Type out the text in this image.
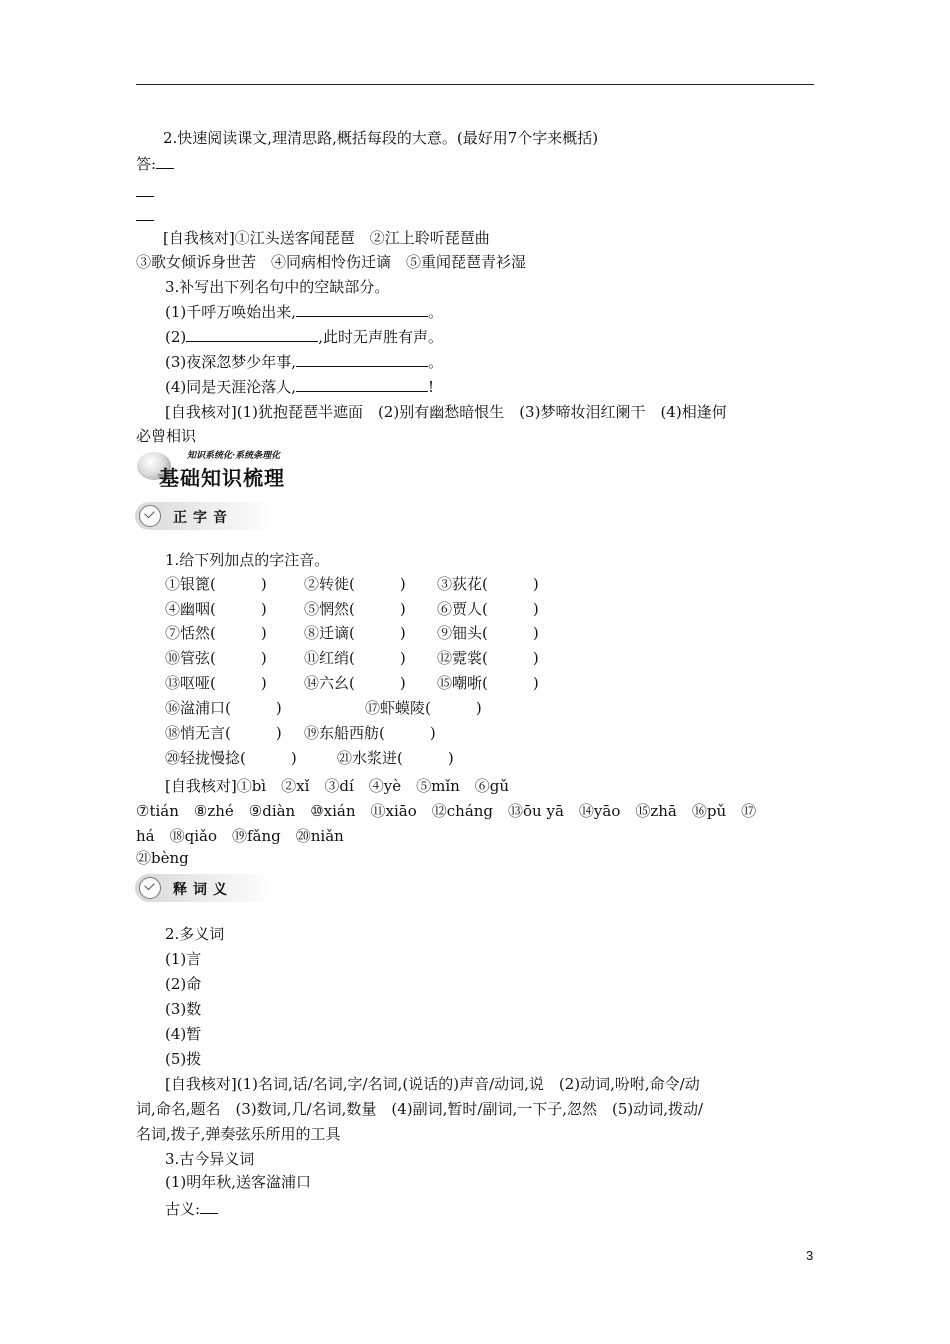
2.快速阅读课文,理清思路,概括每段的大意。(最好用7个字来概括)
答:
[自我核对]①江头送客闻琵琶　②江上聆听琵琶曲
③歌女倾诉身世苦　④同病相怜伤迁谪　⑤重闻琵琶青衫湿
3.补写出下列名句中的空缺部分。
(1)千呼万唤始出来,	。
(2)	,此时无声胜有声。
(3)夜深忽梦少年事,	。
(4)同是天涯沦落人,	!
[自我核对](1)犹抱琵琶半遮面　(2)别有幽愁暗恨生　(3)梦啼妆泪红阑干　(4)相逢何
必曾相识
知识系统化·系统条理化
基础知识梳理
正字音
1.给下列加点的字注音。
①银篦(　　　) ②转徙(　　　) ③荻花(　　　)
④幽咽(　　　) ⑤惘然(　　　) ⑥贾人(　　　)
⑦恬然(　　　) ⑧迁谪(　　　) ⑨钿头(　　　)
⑩管弦(　　　) ⑪红绡(　　　) ⑫霓裳(　　　)
⑬呕哑(　　　) ⑭六幺(　　　) ⑮嘲哳(　　　)
⑯湓浦口(　　　)	⑰虾蟆陵(　　　)
⑱悄无言(　　　) ⑲东船西舫(　　　)
⑳轻拢慢捻(　　　)	㉑水浆迸(　　　)
[自我核对]①bì　②xǐ　③dí　④yè　⑤mǐn　⑥gǔ
⑦tián　⑧zhé　⑨diàn　⑩xián　⑪xiāo　⑫cháng　⑬ōu yā　⑭yāo　⑮zhā　⑯pǔ　⑰
há　⑱qiǎo　⑲fǎng　⑳niǎn
㉑bèng
释词义
2.多义词
(1)言
(2)命
(3)数
(4)暂
(5)拨
[自我核对](1)名词,话/名词,字/名词,(说话的)声音/动词,说　(2)动词,吩咐,命令/动
词,命名,题名　(3)数词,几/名词,数量　(4)副词,暂时/副词,一下子,忽然　(5)动词,拨动/
名词,拨子,弹奏弦乐所用的工具
3.古今异义词
(1)明年秋,送客湓浦口
古义:
3
